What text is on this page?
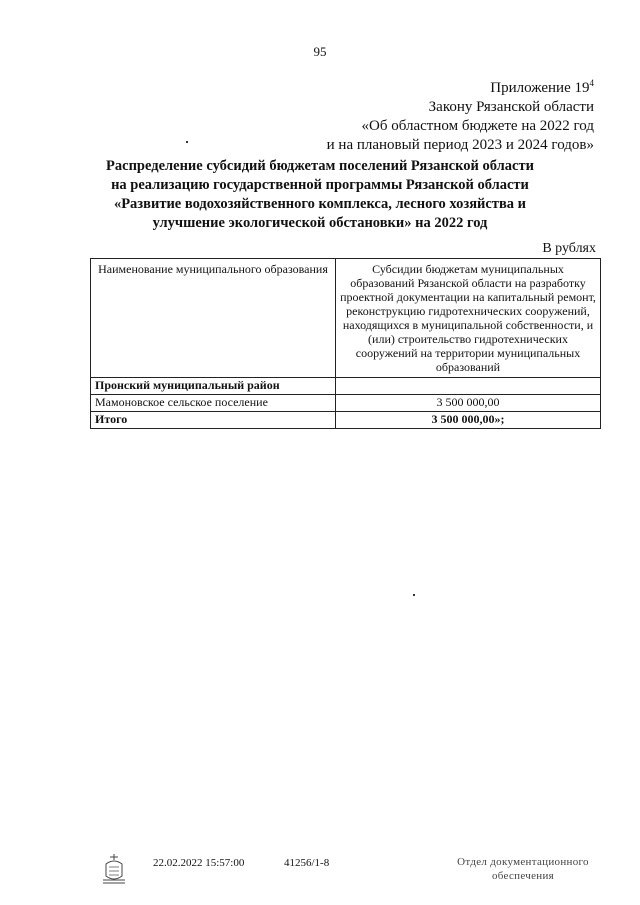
95
Приложение $19^4$
Закону Рязанской области
«Об областном бюджете на 2022 год
и на плановый период 2023 и 2024 годов»
Распределение субсидий бюджетам поселений Рязанской области
на реализацию государственной программы Рязанской области
«Развитие водохозяйственного комплекса, лесного хозяйства и
улучшение экологической обстановки» на 2022 год
В рублях
Наименование муниципального образования	Субсидии бюджетам муниципальных образований Рязанской области на разработку проектной документации на капитальный ремонт, реконструкцию гидротехнических сооружений, находящихся в муниципальной собственности, и (или) строительство гидротехнических сооружений на территории муниципальных образований
Пронский муниципальный район	
Мамоновское сельское поселение	3 500 000,00
Итого	3 500 000,00»;
22.02.2022 15:57:00	41256/1-8	Отдел документационного
обеспечения
